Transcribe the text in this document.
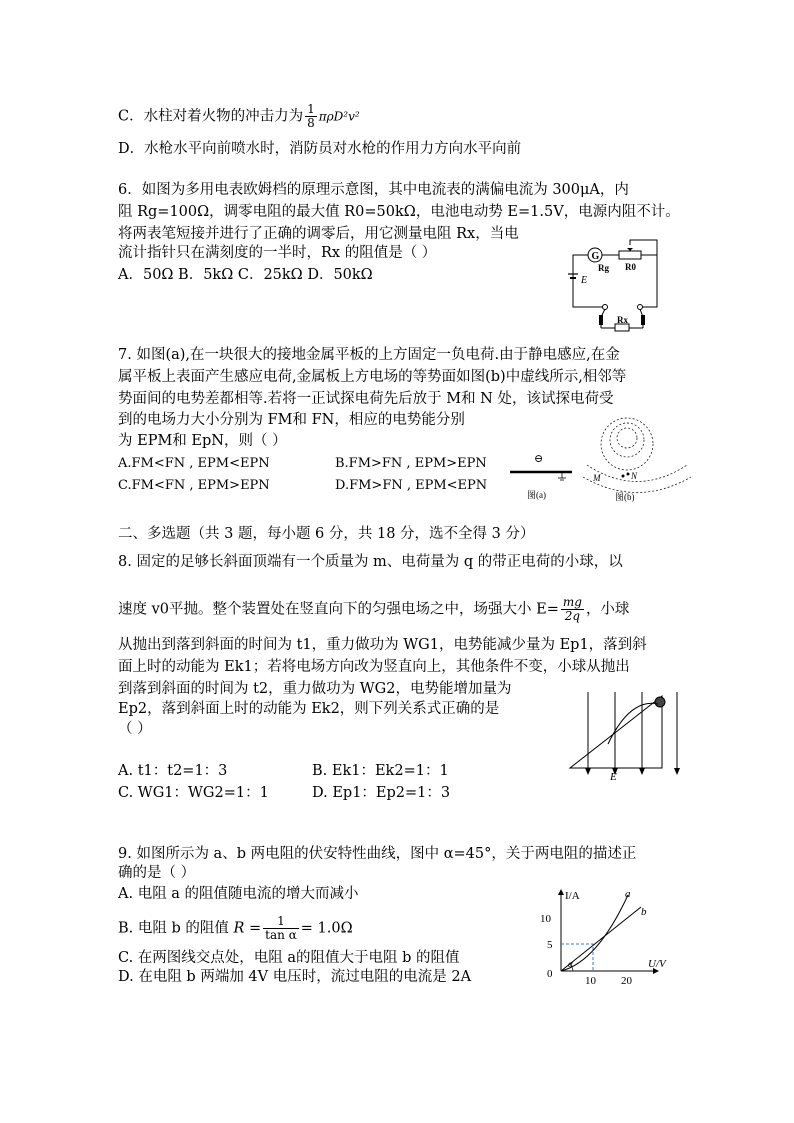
C．水柱对着火物的冲击力为 $\frac{1}{8} \pi\rho D^2v^2$
D．水枪水平向前喷水时，消防员对水枪的作用力方向水平向前
6．如图为多用电表欧姆档的原理示意图，其中电流表的满偏电流为 300μA，内
阻 Rg=100Ω，调零电阻的最大值 R0=50kΩ，电池电动势 E=1.5V，电源内阻不计。
将两表笔短接并进行了正确的调零后，用它测量电阻 Rx，当电
流计指针只在满刻度的一半时，Rx 的阻值是（ ）
A．50Ω B．5kΩ C．25kΩ D．50kΩ
G
Rg R0
E
Rx
7. 如图(a),在一块很大的接地金属平板的上方固定一负电荷.由于静电感应,在金
属平板上表面产生感应电荷,金属板上方电场的等势面如图(b)中虚线所示,相邻等
势面间的电势差都相等.若将一正试探电荷先后放于 M和 N 处，该试探电荷受
到的电场力大小分别为 FM和 FN，相应的电势能分别
为 EPM和 EpN，则（ ）
A.FM<FN , EPM<EPN	B.FM>FN , EPM>EPN
C.FM<FN , EPM>EPN	D.FM>FN , EPM<EPN
⊖
图(a)
M	N
图(b)
二、多选题（共 3 题，每小题 6 分，共 18 分，选不全得 3 分）
8. 固定的足够长斜面顶端有一个质量为 m、电荷量为 q 的带正电荷的小球，以
速度 v0平抛。整个装置处在竖直向下的匀强电场之中，场强大小 $E= \frac{mg}{2q}$ ，小球
从抛出到落到斜面的时间为 t1，重力做功为 WG1，电势能减少量为 Ep1，落到斜
面上时的动能为 Ek1；若将电场方向改为竖直向上，其他条件不变，小球从抛出
到落到斜面的时间为 t2，重力做功为 WG2，电势能增加量为
Ep2，落到斜面上时的动能为 Ek2，则下列关系式正确的是
（ ）
A. t1：t2=1：3	B. Ek1：Ek2=1：1
C. WG1：WG2=1：1	D. Ep1：Ep2=1：3
E
9. 如图所示为 a、b 两电阻的伏安特性曲线，图中 α=45°，关于两电阻的描述正
确的是（ ）
A. 电阻 a 的阻值随电流的增大而减小
B. 电阻 b 的阻值 $R = \frac{1}{\text{tan α}} = 1.0\Omega$
C. 在两图线交点处，电阻 a的阻值大于电阻 b 的阻值
D. 在电阻 b 两端加 4V 电压时，流过电阻的电流是 2A
I/A
U/V
10
5
0
10 20
a
b
α
